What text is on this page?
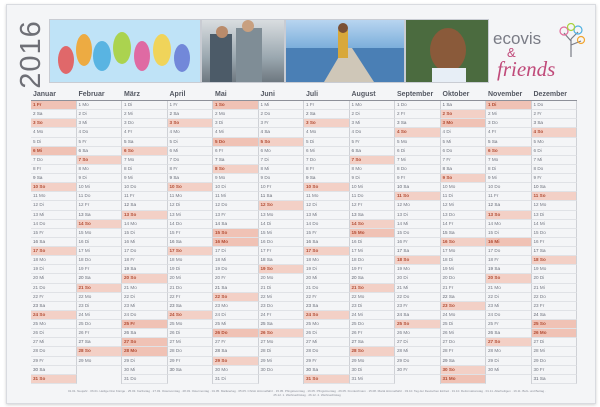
2016	ecovis
&
friends
Januar
1 Fr
2 Sa
3 So
4 Mo
5 Di
6 Mi
7 Do
8 Fr
9 Sa
10 So
11 Mo
12 Di
13 Mi
14 Do
15 Fr
16 Sa
17 So
18 Mo
19 Di
20 Mi
21 Do
22 Fr
23 Sa
24 So
25 Mo
26 Di
27 Mi
28 Do
29 Fr
30 Sa
31 So
Februar
1 Mo
2 Di
3 Mi
4 Do
5 Fr
6 Sa
7 So
8 Mo
9 Di
10 Mi
11 Do
12 Fr
13 Sa
14 So
15 Mo
16 Di
17 Mi
18 Do
19 Fr
20 Sa
21 So
22 Mo
23 Di
24 Mi
25 Do
26 Fr
27 Sa
28 So
29 Mo
März
1 Di
2 Mi
3 Do
4 Fr
5 Sa
6 So
7 Mo
8 Di
9 Mi
10 Do
11 Fr
12 Sa
13 So
14 Mo
15 Di
16 Mi
17 Do
18 Fr
19 Sa
20 So
21 Mo
22 Di
23 Mi
24 Do
25 Fr
26 Sa
27 So
28 Mo
29 Di
30 Mi
31 Do
April
1 Fr
2 Sa
3 So
4 Mo
5 Di
6 Mi
7 Do
8 Fr
9 Sa
10 So
11 Mo
12 Di
13 Mi
14 Do
15 Fr
16 Sa
17 So
18 Mo
19 Di
20 Mi
21 Do
22 Fr
23 Sa
24 So
25 Mo
26 Di
27 Mi
28 Do
29 Fr
30 Sa
Mai
1 So
2 Mo
3 Di
4 Mi
5 Do
6 Fr
7 Sa
8 So
9 Mo
10 Di
11 Mi
12 Do
13 Fr
14 Sa
15 So
16 Mo
17 Di
18 Mi
19 Do
20 Fr
21 Sa
22 So
23 Mo
24 Di
25 Mi
26 Do
27 Fr
28 Sa
29 So
30 Mo
31 Di
Juni
1 Mi
2 Do
3 Fr
4 Sa
5 So
6 Mo
7 Di
8 Mi
9 Do
10 Fr
11 Sa
12 So
13 Mo
14 Di
15 Mi
16 Do
17 Fr
18 Sa
19 So
20 Mo
21 Di
22 Mi
23 Do
24 Fr
25 Sa
26 So
27 Mo
28 Di
29 Mi
30 Do
Juli
1 Fr
2 Sa
3 So
4 Mo
5 Di
6 Mi
7 Do
8 Fr
9 Sa
10 So
11 Mo
12 Di
13 Mi
14 Do
15 Fr
16 Sa
17 So
18 Mo
19 Di
20 Mi
21 Do
22 Fr
23 Sa
24 So
25 Mo
26 Di
27 Mi
28 Do
29 Fr
30 Sa
31 So
August
1 Mo
2 Di
3 Mi
4 Do
5 Fr
6 Sa
7 So
8 Mo
9 Di
10 Mi
11 Do
12 Fr
13 Sa
14 So
15 Mo
16 Di
17 Mi
18 Do
19 Fr
20 Sa
21 So
22 Mo
23 Di
24 Mi
25 Do
26 Fr
27 Sa
28 So
29 Mo
30 Di
31 Mi
September
1 Do
2 Fr
3 Sa
4 So
5 Mo
6 Di
7 Mi
8 Do
9 Fr
10 Sa
11 So
12 Mo
13 Di
14 Mi
15 Do
16 Fr
17 Sa
18 So
19 Mo
20 Di
21 Mi
22 Do
23 Fr
24 Sa
25 So
26 Mo
27 Di
28 Mi
29 Do
30 Fr
Oktober
1 Sa
2 So
3 Mo
4 Di
5 Mi
6 Do
7 Fr
8 Sa
9 So
10 Mo
11 Di
12 Mi
13 Do
14 Fr
15 Sa
16 So
17 Mo
18 Di
19 Mi
20 Do
21 Fr
22 Sa
23 So
24 Mo
25 Di
26 Mi
27 Do
28 Fr
29 Sa
30 So
31 Mo
November
1 Di
2 Mi
3 Do
4 Fr
5 Sa
6 So
7 Mo
8 Di
9 Mi
10 Do
11 Fr
12 Sa
13 So
14 Mo
15 Di
16 Mi
17 Do
18 Fr
19 Sa
20 So
21 Mo
22 Di
23 Mi
24 Do
25 Fr
26 Sa
27 So
28 Mo
29 Di
30 Mi
Dezember
1 Do
2 Fr
3 Sa
4 So
5 Mo
6 Di
7 Mi
8 Do
9 Fr
10 Sa
11 So
12 Mo
13 Di
14 Mi
15 Do
16 Fr
17 Sa
18 So
19 Mo
20 Di
21 Mi
22 Do
23 Fr
24 Sa
25 So
26 Mo
27 Di
28 Mi
29 Do
30 Fr
31 Sa
01.01. Neujahr · 06.01. Heilige Drei Könige · 25.03. Karfreitag · 27.03. Ostersonntag · 28.03. Ostermontag · 01.05. Maifeiertag · 05.05. Christi Himmelfahrt · 15.05. Pfingstsonntag · 16.05. Pfingstmontag · 26.05. Fronleichnam · 15.08. Mariä Himmelfahrt · 03.10. Tag der Deutschen Einheit · 31.10. Reformationstag · 01.11. Allerheiligen · 16.11. Buß- und Bettag · 25.12. 1. Weihnachtstag · 26.12. 2. Weihnachtstag
